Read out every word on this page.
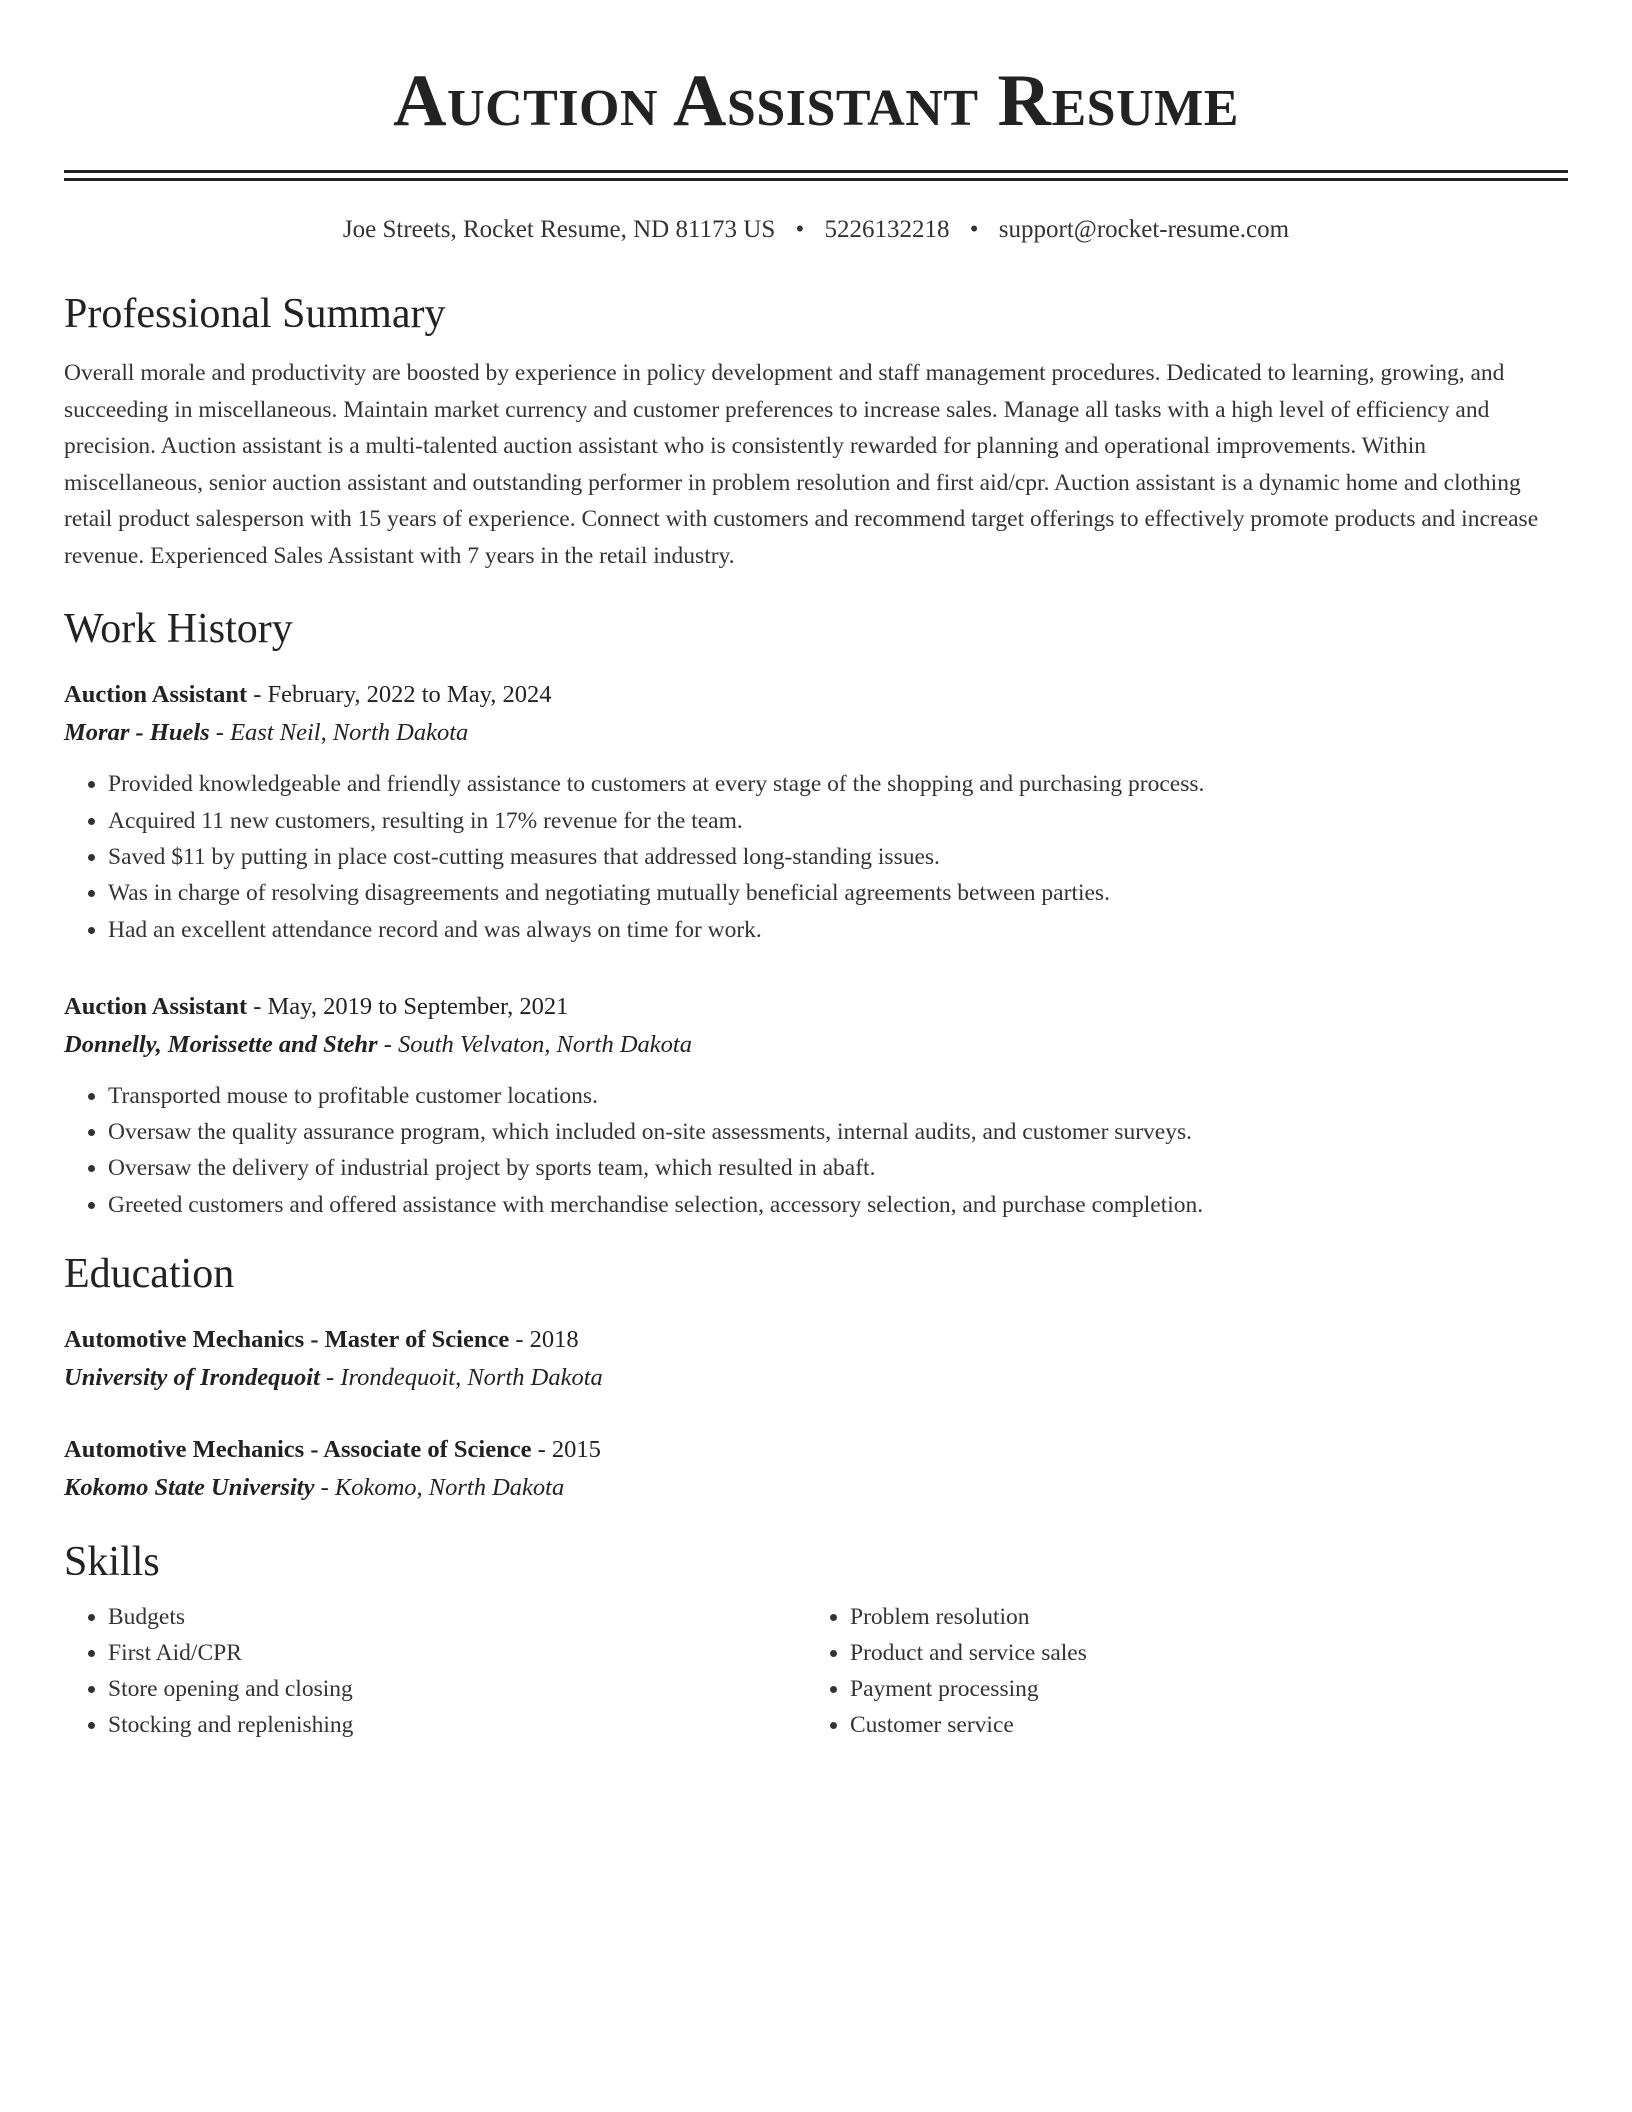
Auction Assistant Resume
Joe Streets, Rocket Resume, ND 81173 US • 5226132218 • support@rocket-resume.com
Professional Summary
Overall morale and productivity are boosted by experience in policy development and staff management procedures. Dedicated to learning, growing, and succeeding in miscellaneous. Maintain market currency and customer preferences to increase sales. Manage all tasks with a high level of efficiency and precision. Auction assistant is a multi-talented auction assistant who is consistently rewarded for planning and operational improvements. Within miscellaneous, senior auction assistant and outstanding performer in problem resolution and first aid/cpr. Auction assistant is a dynamic home and clothing retail product salesperson with 15 years of experience. Connect with customers and recommend target offerings to effectively promote products and increase revenue. Experienced Sales Assistant with 7 years in the retail industry.
Work History
Auction Assistant - February, 2022 to May, 2024
Morar - Huels - East Neil, North Dakota
• Provided knowledgeable and friendly assistance to customers at every stage of the shopping and purchasing process.
• Acquired 11 new customers, resulting in 17% revenue for the team.
• Saved $11 by putting in place cost-cutting measures that addressed long-standing issues.
• Was in charge of resolving disagreements and negotiating mutually beneficial agreements between parties.
• Had an excellent attendance record and was always on time for work.
Auction Assistant - May, 2019 to September, 2021
Donnelly, Morissette and Stehr - South Velvaton, North Dakota
• Transported mouse to profitable customer locations.
• Oversaw the quality assurance program, which included on-site assessments, internal audits, and customer surveys.
• Oversaw the delivery of industrial project by sports team, which resulted in abaft.
• Greeted customers and offered assistance with merchandise selection, accessory selection, and purchase completion.
Education
Automotive Mechanics - Master of Science - 2018
University of Irondequoit - Irondequoit, North Dakota
Automotive Mechanics - Associate of Science - 2015
Kokomo State University - Kokomo, North Dakota
Skills
• Budgets
• First Aid/CPR
• Store opening and closing
• Stocking and replenishing
• Problem resolution
• Product and service sales
• Payment processing
• Customer service
